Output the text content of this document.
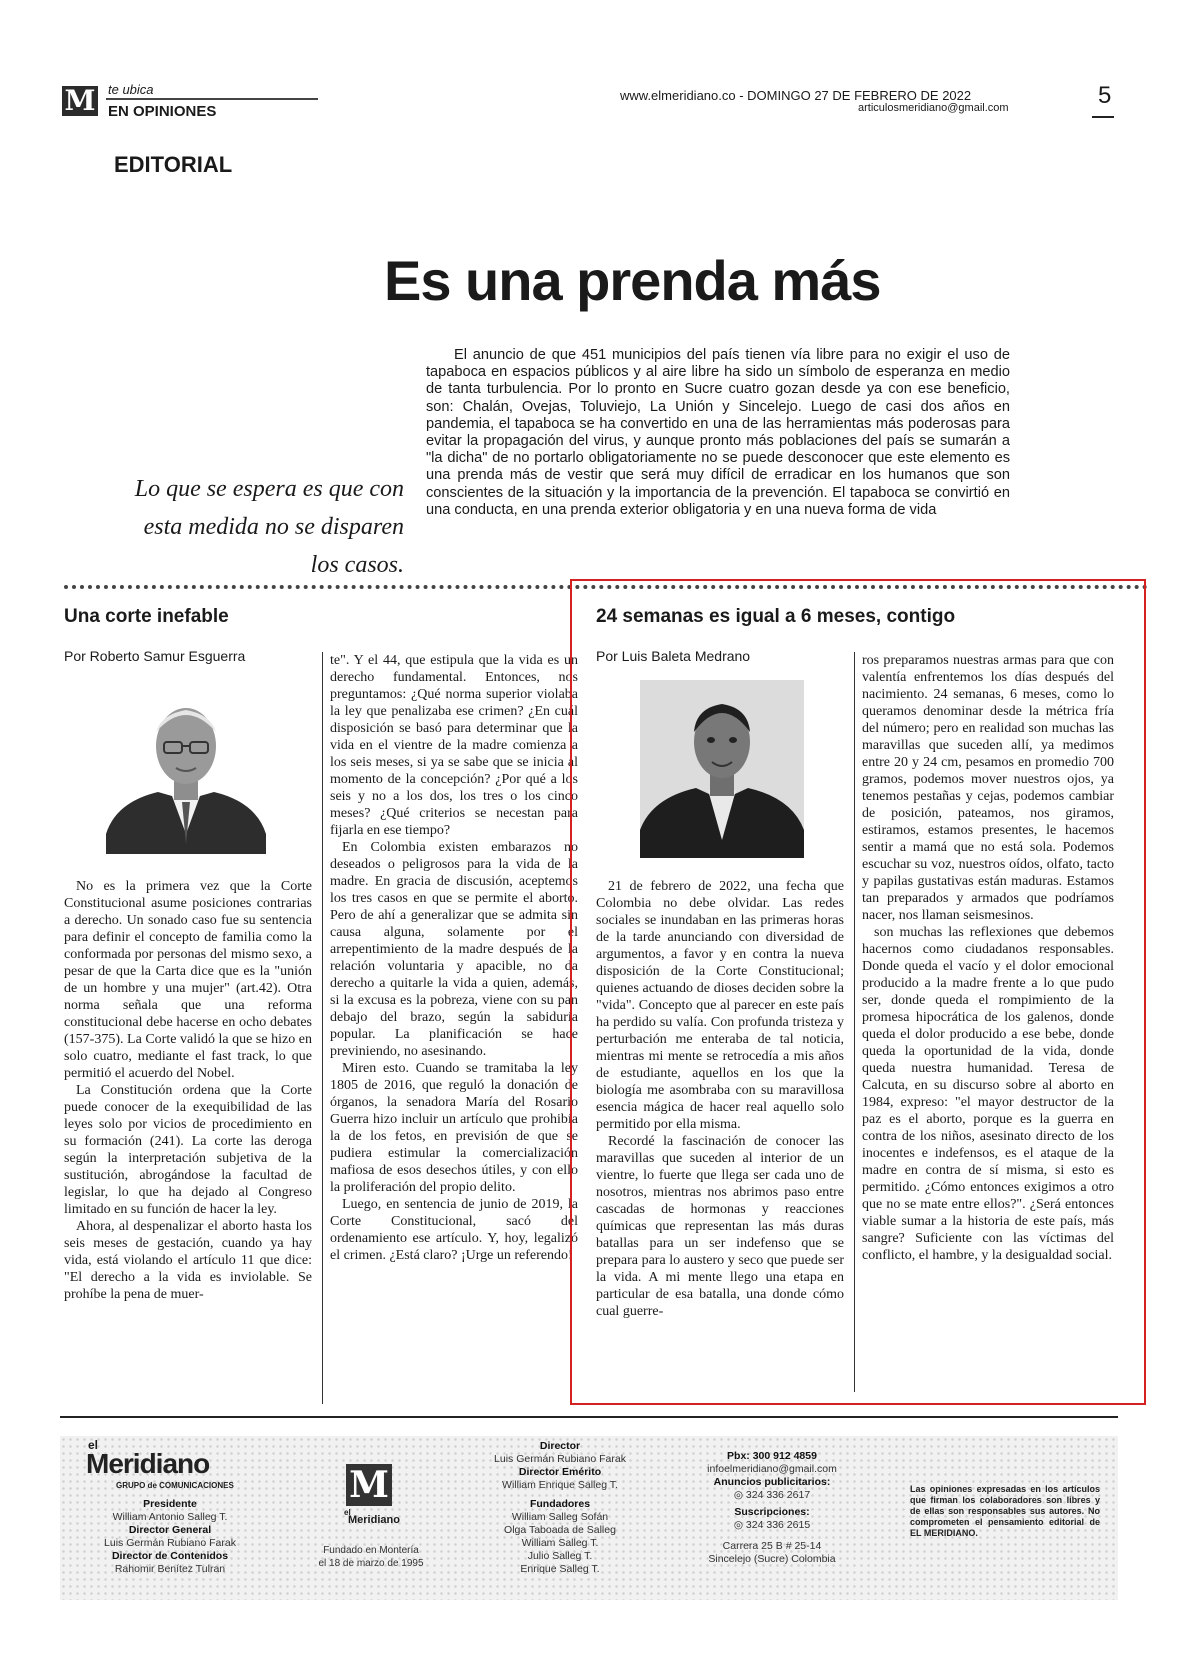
M te ubica
EN OPINIONES
www.elmeridiano.co - DOMINGO 27 DE FEBRERO DE 2022
articulosmeridiano@gmail.com	5
EDITORIAL
Es una prenda más
El anuncio de que 451 municipios del país tienen vía libre para no exigir el uso de tapaboca en espacios públicos y al aire libre ha sido un símbolo de esperanza en medio de tanta turbulencia. Por lo pronto en Sucre cuatro gozan desde ya con ese beneficio, son: Chalán, Ovejas, Toluviejo, La Unión y Sincelejo. Luego de casi dos años en pandemia, el tapaboca se ha convertido en una de las herramientas más poderosas para evitar la propagación del virus, y aunque pronto más poblaciones del país se sumarán a "la dicha" de no portarlo obligatoriamente no se puede desconocer que este elemento es una prenda más de vestir que será muy difícil de erradicar en los humanos que son conscientes de la situación y la importancia de la prevención. El tapaboca se convirtió en una conducta, en una prenda exterior obligatoria y en una nueva forma de vida
Lo que se espera es que con esta medida no se disparen los casos.
Una corte inefable
Por Roberto Samur Esguerra

No es la primera vez que la Corte Constitucional asume posiciones contrarias a derecho. Un sonado caso fue su sentencia para definir el concepto de familia como la conformada por personas del mismo sexo, a pesar de que la Carta dice que es la "unión de un hombre y una mujer" (art.42). Otra norma señala que una reforma constitucional debe hacerse en ocho debates (157-375). La Corte validó la que se hizo en solo cuatro, mediante el fast track, lo que permitió el acuerdo del Nobel.

La Constitución ordena que la Corte puede conocer de la exequibilidad de las leyes solo por vicios de procedimiento en su formación (241). La corte las deroga según la interpretación subjetiva de la sustitución, abrogándose la facultad de legislar, lo que ha dejado al Congreso limitado en su función de hacer la ley.

Ahora, al despenalizar el aborto hasta los seis meses de gestación, cuando ya hay vida, está violando el artículo 11 que dice: "El derecho a la vida es inviolable. Se prohíbe la pena de muer-

te". Y el 44, que estipula que la vida es un derecho fundamental. Entonces, nos preguntamos: ¿Qué norma superior violaba la ley que penalizaba ese crimen? ¿En cuál disposición se basó para determinar que la vida en el vientre de la madre comienza a los seis meses, si ya se sabe que se inicia al momento de la concepción? ¿Por qué a los seis y no a los dos, los tres o los cinco meses? ¿Qué criterios se necestan para fijarla en ese tiempo?

En Colombia existen embarazos no deseados o peligrosos para la vida de la madre. En gracia de discusión, aceptemos los tres casos en que se permite el aborto. Pero de ahí a generalizar que se admita sin causa alguna, solamente por el arrepentimiento de la madre después de la relación voluntaria y apacible, no da derecho a quitarle la vida a quien, además, si la excusa es la pobreza, viene con su pan debajo del brazo, según la sabiduría popular. La planificación se hace previniendo, no asesinando.

Miren esto. Cuando se tramitaba la ley 1805 de 2016, que reguló la donación de órganos, la senadora María del Rosario Guerra hizo incluir un artículo que prohibía la de los fetos, en previsión de que se pudiera estimular la comercialización mafiosa de esos desechos útiles, y con ello la proliferación del propio delito.

Luego, en sentencia de junio de 2019, la Corte Constitucional, sacó del ordenamiento ese artículo. Y, hoy, legalizó el crimen. ¿Está claro? ¡Urge un referendo!

24 semanas es igual a 6 meses, contigo
Por Luis Baleta Medrano

21 de febrero de 2022, una fecha que Colombia no debe olvidar. Las redes sociales se inundaban en las primeras horas de la tarde anunciando con diversidad de argumentos, a favor y en contra la nueva disposición de la Corte Constitucional; quienes actuando de dioses deciden sobre la "vida". Concepto que al parecer en este país ha perdido su valía. Con profunda tristeza y perturbación me enteraba de tal noticia, mientras mi mente se retrocedía a mis años de estudiante, aquellos en los que la biología me asombraba con su maravillosa esencia mágica de hacer real aquello solo permitido por ella misma.

Recordé la fascinación de conocer las maravillas que suceden al interior de un vientre, lo fuerte que llega ser cada uno de nosotros, mientras nos abrimos paso entre cascadas de hormonas y reacciones químicas que representan las más duras batallas para un ser indefenso que se prepara para lo austero y seco que puede ser la vida. A mi mente llego una etapa en particular de esa batalla, una donde cómo cual guerre-

ros preparamos nuestras armas para que con valentía enfrentemos los días después del nacimiento. 24 semanas, 6 meses, como lo queramos denominar desde la métrica fría del número; pero en realidad son muchas las maravillas que suceden allí, ya medimos entre 20 y 24 cm, pesamos en promedio 700 gramos, podemos mover nuestros ojos, ya tenemos pestañas y cejas, podemos cambiar de posición, pateamos, nos giramos, estiramos, estamos presentes, le hacemos sentir a mamá que no está sola. Podemos escuchar su voz, nuestros oídos, olfato, tacto y papilas gustativas están maduras. Estamos tan preparados y armados que podríamos nacer, nos llaman seismesinos.

son muchas las reflexiones que debemos hacernos como ciudadanos responsables. Donde queda el vacío y el dolor emocional producido a la madre frente a lo que pudo ser, donde queda el rompimiento de la promesa hipocrática de los galenos, donde queda el dolor producido a ese bebe, donde queda la oportunidad de la vida, donde queda nuestra humanidad. Teresa de Calcuta, en su discurso sobre al aborto en 1984, expreso: "el mayor destructor de la paz es el aborto, porque es la guerra en contra de los niños, asesinato directo de los inocentes e indefensos, es el ataque de la madre en contra de sí misma, si esto es permitido. ¿Cómo entonces exigimos a otro que no se mate entre ellos?". ¿Será entonces viable sumar a la historia de este país, más sangre? Suficiente con las víctimas del conflicto, el hambre, y la desigualdad social.

el
Meridiano
GRUPO de COMUNICACIONES
Presidente
William Antonio Salleg T.
Director General
Luis Germán Rubiano Farak
Director de Contenidos
Rahomir Benítez Tulran
M
el
Meridiano
Fundado en Montería
el 18 de marzo de 1995
Director
Luis Germán Rubiano Farak
Director Emérito
William Enrique Salleg T.
Fundadores
William Salleg Sofán
Olga Taboada de Salleg
William Salleg T.
Julio Salleg T.
Enrique Salleg T.
Pbx: 300 912 4859
infoelmeridiano@gmail.com
Anuncios publicitarios:
◎ 324 336 2617
Suscripciones:
◎ 324 336 2615
Carrera 25 B # 25-14
Sincelejo (Sucre) Colombia
Las opiniones expresadas en los artículos que firman los colaboradores son libres y de ellas son responsables sus autores. No comprometen el pensamiento editorial de EL MERIDIANO.
